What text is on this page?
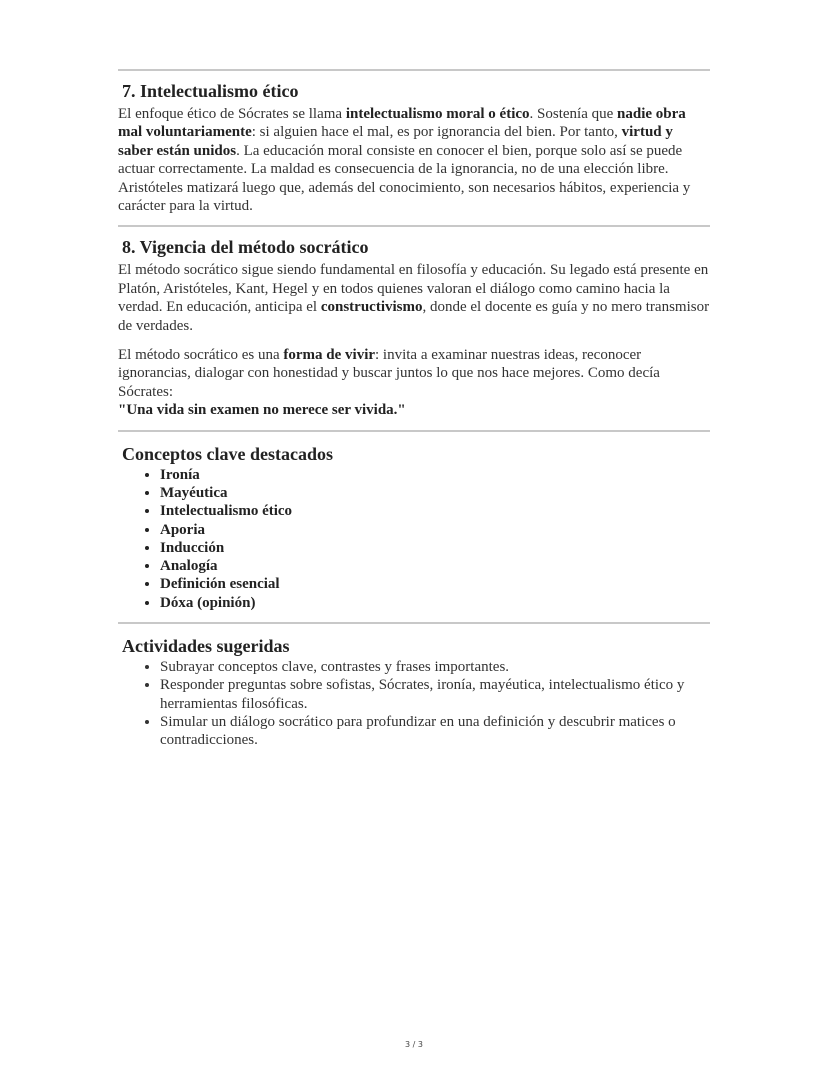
7. Intelectualismo ético

El enfoque ético de Sócrates se llama intelectualismo moral o ético. Sostenía que nadie obra mal voluntariamente: si alguien hace el mal, es por ignorancia del bien. Por tanto, virtud y saber están unidos. La educación moral consiste en conocer el bien, porque solo así se puede actuar correctamente. La maldad es consecuencia de la ignorancia, no de una elección libre. Aristóteles matizará luego que, además del conocimiento, son necesarios hábitos, experiencia y carácter para la virtud.

8. Vigencia del método socrático

El método socrático sigue siendo fundamental en filosofía y educación. Su legado está presente en Platón, Aristóteles, Kant, Hegel y en todos quienes valoran el diálogo como camino hacia la verdad. En educación, anticipa el constructivismo, donde el docente es guía y no mero transmisor de verdades.

El método socrático es una forma de vivir: invita a examinar nuestras ideas, reconocer ignorancias, dialogar con honestidad y buscar juntos lo que nos hace mejores. Como decía Sócrates:
"Una vida sin examen no merece ser vivida."

Conceptos clave destacados
• Ironía
• Mayéutica
• Intelectualismo ético
• Aporia
• Inducción
• Analogía
• Definición esencial
• Dóxa (opinión)
Actividades sugeridas
• Subrayar conceptos clave, contrastes y frases importantes.
• Responder preguntas sobre sofistas, Sócrates, ironía, mayéutica, intelectualismo ético y herramientas filosóficas.
• Simular un diálogo socrático para profundizar en una definición y descubrir matices o contradicciones.
3 / 3
